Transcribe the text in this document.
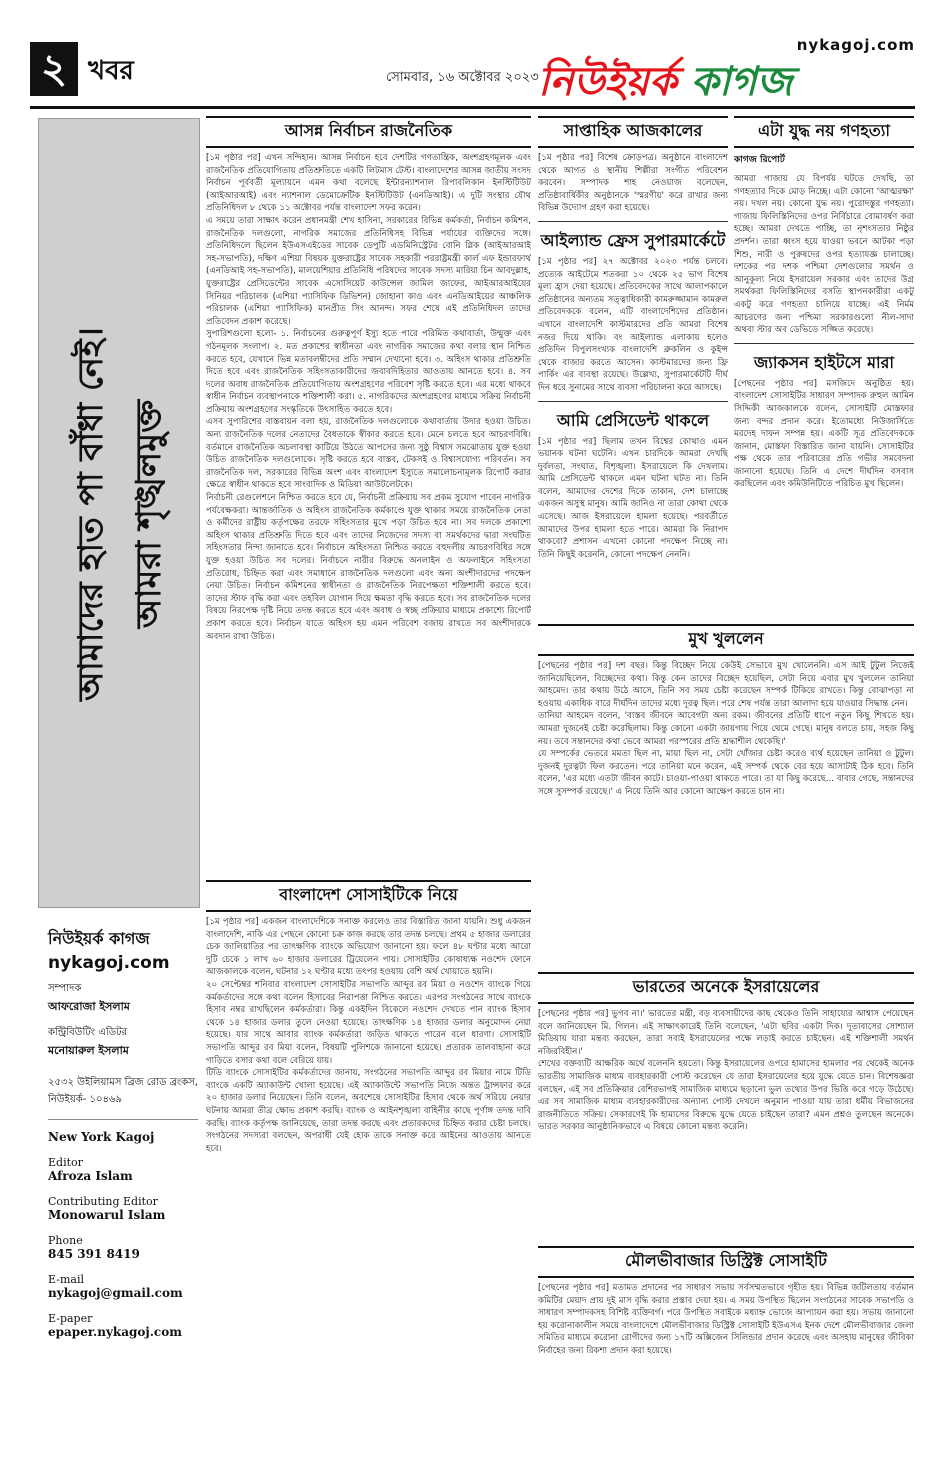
২ খবর	সোমবার, ১৬ অক্টোবর ২০২৩
nykagoj.com
নিউইয়র্ক কাগজ
আমাদের হাত পা বাঁধা নেই। আমরা শৃঙ্খলমুক্ত
নিউইয়র্ক কাগজ
nykagoj.com
সম্পাদক
আফরোজা ইসলাম
কন্ট্রিবিউটিং এডিটর
মনোয়ারুল ইসলাম
২৫৩২ উইলিয়ামস ব্রিজ রোড ব্রংকস, নিউইয়র্ক- ১০৪৬৯
New York Kagoj
Editor
Afroza Islam
Contributing Editor
Monowarul Islam
Phone
845 391 8419
E-mail
nykagoj@gmail.com
E-paper
epaper.nykagoj.com
আসন্ন নির্বাচন রাজনৈতিক

[১ম পৃষ্ঠার পর] এখন সন্দিহান। আসন্ন নির্বাচন হবে দেশটির গণতান্ত্রিক, অংশগ্রহণমূলক এবং রাজনৈতিক প্রতিযোগিতায় প্রতিশ্রুতিতে একটি লিটমাস টেস্ট। বাংলাদেশের আসন্ন জাতীয় সংসদ নির্বাচন পূর্ববর্তী মূল্যায়নে এমন কথা বলেছে ইন্টারন্যাশনাল রিপাবলিকান ইনস্টিটিউট (আইআরআই) এবং ন্যাশনাল ডেমোক্রেটিক ইনস্টিটিউট (এনডিআই)। এ দুটি সংস্থার যৌথ প্রতিনিধিদল ৮ থেকে ১১ অক্টোবর পর্যন্ত বাংলাদেশ সফর করেন।

এ সময়ে তারা সাক্ষাৎ করেন প্রধানমন্ত্রী শেখ হাসিনা, সরকারের বিভিন্ন কর্মকর্তা, নির্বাচন কমিশন, রাজনৈতিক দলগুলো, নাগরিক সমাজের প্রতিনিধিসহ বিভিন্ন পর্যায়ের ব্যক্তিদের সঙ্গে। প্রতিনিধিদলে ছিলেন ইউএসএইডের সাবেক ডেপুটি এডমিনিস্ট্রেটর বোনি গ্লিক (আইআরআই সহ-সভাপতি), দক্ষিণ এশিয়া বিষয়ক যুক্তরাষ্ট্রের সাবেক সহকারী পররাষ্ট্রমন্ত্রী কার্ল এফ ইন্ডারফার্থ (এনডিআই সহ-সভাপতি), মালয়েশিয়ার প্রতিনিধি পরিষদের সাবেক সদস্য মারিয়া চিন আবদুল্লাহ, যুক্তরাষ্ট্রের প্রেসিডেন্টের সাবেক এসোসিয়েট কাউন্সেল জামিল জাফের, আইআরআইয়ের সিনিয়র পরিচালক (এশিয়া প্যাসিফিক ডিভিশন) জোহানা কাও এবং এনডিআইয়ের আঞ্চলিক পরিচালক (এশিয়া প্যাসিফিক) মানপ্রীত সিং আনন্দ। সফর শেষে এই প্রতিনিধিদল তাদের প্রতিবেদন প্রকাশ করেছে।

সুপারিশগুলো হলো- ১. নির্বাচনের গুরুত্বপূর্ণ ইস্যু হতে পারে পরিমিত কথাবার্তা, উন্মুক্ত এবং গঠনমূলক সংলাপ। ২. মত প্রকাশের স্বাধীনতা এবং নাগরিক সমাজের কথা বলার স্থান নিশ্চিত করতে হবে, যেখানে ভিন্ন মতাবলম্বীদের প্রতি সম্মান দেখানো হবে। ৩. অহিংস থাকার প্রতিশ্রুতি দিতে হবে এবং রাজনৈতিক সহিংসতাকারীদের জবাবদিহিতার আওতায় আনতে হবে। ৪. সব দলের অবাধ রাজনৈতিক প্রতিযোগিতায় অংশগ্রহণের পরিবেশ সৃষ্টি করতে হবে। এর মধ্যে থাকবে স্বাধীন নির্বাচন ব্যবস্থাপনাকে শক্তিশালী করা। ৫. নাগরিকদের অংশগ্রহণের মাধ্যমে সক্রিয় নির্বাচনী প্রক্রিয়ায় অংশগ্রহণের সংস্কৃতিকে উৎসাহিত করতে হবে।

এসব সুপারিশের বাস্তবায়ন বলা হয়, রাজনৈতিক দলগুলোকে কথাবার্তায় উদার হওয়া উচিত। অন্য রাজনৈতিক দলের নেতাদের বৈধতাকে স্বীকার করতে হবে। মেনে চলতে হবে আচরণবিধি। বর্তমানে রাজনৈতিক অচলাবস্থা কাটিয়ে উঠতে আপসের জন্য সুষ্ঠু বিশ্বাস সমঝোতায় যুক্ত হওয়া উচিত রাজনৈতিক দলগুলোকে। সৃষ্টি করতে হবে বাস্তব, টেকসই ও বিশ্বাসযোগ্য পরিবর্তন। সব রাজনৈতিক দল, সরকারের বিভিন্ন অংশ এবং বাংলাদেশ ইস্যুতে সমালোচনামূলক রিপোর্ট করার ক্ষেত্রে স্বাধীন থাকতে হবে সাংবাদিক ও মিডিয়া আউটলেটকে।

নির্বাচনী রেগুলেশনে নিশ্চিত করতে হবে যে, নির্বাচনী প্রক্রিয়ায় সব প্রকম সুযোগ পাবেন নাগরিক পর্যবেক্ষকরা। আন্তর্জাতিক ও অহিংস রাজনৈতিক কর্মকাণ্ডে যুক্ত থাকার সময়ে রাজনৈতিক নেতা ও কর্মীদের রাষ্ট্রীয় কর্তৃপক্ষের তরফে সহিংসতার মুখে পড়া উচিত হবে না। সব দলকে প্রকাশ্যে অহিংস থাকার প্রতিশ্রুতি দিতে হবে এবং তাদের নিজেদের সদস্য বা সমর্থকদের দ্বারা সংঘটিত সহিংসতার নিন্দা জানাতে হবে। নির্বাচনে অহিংসতা নিশ্চিত করতে বহুদলীয় আচরণবিধির সঙ্গে যুক্ত হওয়া উচিত সব দলের। নির্বাচনে নারীর বিরুদ্ধে অনলাইন ও অফলাইনে সহিংসতা প্রতিরোধ, চিহ্নিত করা এবং সমাধানে রাজনৈতিক দলগুলো এবং অন্য অংশীদারদের পদক্ষেপ নেয়া উচিত। নির্বাচন কমিশনের স্বাধীনতা ও রাজনৈতিক নিরপেক্ষতা শক্তিশালী করতে হবে। তাদের স্টাফ বৃদ্ধি করা এবং তহবিল যোগান দিয়ে ক্ষমতা বৃদ্ধি করতে হবে। সব রাজনৈতিক দলের বিষয়ে নিরপেক্ষ দৃষ্টি নিয়ে তদন্ত করতে হবে এবং অবাধ ও স্বচ্ছ প্রক্রিয়ার মাধ্যমে প্রকাশ্যে রিপোর্ট প্রকাশ করতে হবে। নির্বাচন যাতে অহিংস হয় এমন পরিবেশ বজায় রাখতে সব অংশীদারকে অবদান রাখা উচিত।

বাংলাদেশ সোসাইটিকে নিয়ে

[১ম পৃষ্ঠার পর] একজন বাংলাদেশিকে সনাক্ত করলেও তার বিস্তারিত জানা যায়নি। শুধু একজন বাংলাদেশি, নাকি এর পেছনে কোনো চক্র কাজ করছে তার তদন্ত চলছে। প্রথম ৫ হাজার ডলারের চেক জালিয়াতির পর তাৎক্ষণিক ব্যাংকে অভিযোগ জানানো হয়। ফলে ৪৮ ঘণ্টার মধ্যে আরো দুটি চেকে ১ লাখ ৬০ হাজার ডলারের ট্রিয়েলেন পায়। সোসাইটির কোষাধ্যক্ষ নওশেদ ফোনে আজকালকে বলেন, ঘটনার ১২ ঘণ্টার মধ্যে তৎপর হওয়ায় বেশি অর্থ খোয়াতে হয়নি।

২০ সেপ্টেম্বর শনিবার বাংলাদেশ সোসাইটির সভাপতি আব্দুর রব মিয়া ও নওশেদ ব্যাংকে গিয়ে কর্মকর্তাদের সঙ্গে কথা বলেন হিসাবের নিরাপত্তা নিশ্চিত করতে। এরপর সংগঠনের সাথে ব্যাংকে হিসাব নম্বর রাখছিলেন কর্মকর্তারা। কিন্তু একইদিন বিকেলে নওশেদ দেখতে পান ব্যাংক হিসাব থেকে ১৪ হাজার ডলার তুলে নেওয়া হয়েছে। তাৎক্ষণিক ১৪ হাজার ডলার অনুমোদন নেয়া হয়েছে। যার সাথে আবার ব্যাংক কর্মকর্তারা জড়িত থাকতে পারেন বলে ধারণা। সোসাইটি সভাপতি আব্দুর রব মিয়া বলেন, বিষয়টি পুলিশকে জানানো হয়েছে। প্রতারক তালবাহানা করে গাড়িতে বসার কথা বলে বেরিয়ে যায়।

টিডি ব্যাংকে সোসাইটির কর্মকর্তাদের জানায়, সংগঠনের সভাপতি আব্দুর রব মিয়ার নামে টিডি ব্যাংকে একটি অ্যাকাউন্ট খোলা হয়েছে। এই অ্যাকাউন্টে সভাপতি নিজে অন্তত ট্রান্সফার করে ২০ হাজার ডলার নিয়েছেন। তিনি বলেন, অবশেষে সোসাইটির হিসাব থেকে অর্থ সরিয়ে নেয়ার ঘটনায় আমরা তীব্র ক্ষোভ প্রকাশ করছি। ব্যাংক ও আইনশৃঙ্খলা বাহিনীর কাছে পূর্ণাঙ্গ তদন্ত দাবি করছি। ব্যাংক কর্তৃপক্ষ জানিয়েছে, তারা তদন্ত করছে এবং প্রতারকদের চিহ্নিত করার চেষ্টা চলছে। সংগঠনের সদস্যরা বলছেন, অপরাধী যেই হোক তাকে সনাক্ত করে আইনের আওতায় আনতে হবে।

সাপ্তাহিক আজকালের
[১ম পৃষ্ঠার পর] বিশেষ ক্রোড়পত্র। অনুষ্ঠানে বাংলাদেশ থেকে আগত ও স্থানীয় শিল্পীরা সংগীত পরিবেশন করবেন। সম্পাদক শাহ নেওয়াজ বলেছেন, প্রতিষ্ঠাবার্ষিকীর অনুষ্ঠানকে 'স্মরণীয়' করে রাখার জন্য বিভিন্ন উদ্যোগ গ্রহণ করা হয়েছে।
আইল্যান্ড ফ্রেস সুপারমার্কেটে
[১ম পৃষ্ঠার পর] ২৭ অক্টোবর ২০২৩ পর্যন্ত চলবে। প্রত্যেক আইটেমে শতকরা ১০ থেকে ২৫ ভাগ বিশেষ মূল্য হ্রাস দেয়া হয়েছে। প্রতিবেদকের সাথে আলাপকালে প্রতিষ্ঠানের অন্যতম সত্ত্বাধিকারী কামরুজ্জামান কামরুল প্রতিবেদককে বলেন, এটি বাংলাদেশিদের প্রতিষ্ঠান। এখানে বাংলাদেশি কাস্টমারদের প্রতি আমরা বিশেষ নজর দিয়ে থাকি। বং আইল্যান্ড এলাকায় হলেও প্রতিদিন বিপুলসংখ্যক বাংলাদেশি ব্রুকলিন ও কুইন্স থেকে বাজার করতে আসেন। কাস্টমারদের জন্য ফ্রি পার্কিং এর ব্যবস্থা রয়েছে। উল্লেখ্য, সুপারমার্কেটটি দীর্ঘ দিন ধরে সুনামের সাথে ব্যবসা পরিচালনা করে আসছে।
আমি প্রেসিডেন্ট থাকলে
[১ম পৃষ্ঠার পর] ছিলাম তখন বিশ্বের কোথাও এমন ভয়ানক ঘটনা ঘটেনি। এখন চারদিকে আমরা দেখছি দুর্বলতা, সংঘাত, বিশৃঙ্খলা। ইসরায়েলে কি দেখলাম। আমি প্রেসিডেন্ট থাকলে এমন ঘটনা ঘটত না। তিনি বলেন, আমাদের দেশের দিকে তাকান, দেশ চালাচ্ছে একজন অসুস্থ মানুষ। আমি জানিও না তারা কোথা থেকে এসেছে। আজ ইসরায়েলে হামলা হয়েছে। পরবর্তীতে আমাদের উপর হামলা হতে পারে। আমরা কি নিরাপদ থাকবো? প্রশাসন এখনো কোনো পদক্ষেপ নিচ্ছে না। তিনি কিছুই করেননি, কোনো পদক্ষেপ নেননি।
এটা যুদ্ধ নয় গণহত্যা
কাগজ রিপোর্ট
আমরা গাজায় যে বিপর্যয় ঘটতে দেখছি, তা গণহত্যার দিকে মোড় নিচ্ছে। এটা কোনো 'আত্মরক্ষা' নয়। দখল নয়। কোনো যুদ্ধ নয়। পুরোদস্তুর গণহত্যা। গাজায় ফিলিস্তিনিদের ওপর নির্বিচারে বোমাবর্ষণ করা হচ্ছে। আমরা দেখতে পাচ্ছি, তা নৃশংসতার নিষ্ঠুর প্রদর্শন। তারা ধ্বংস হয়ে যাওয়া ভবনে আটকা পড়া শিশু, নারী ও পুরুষদের ওপর হত্যাযজ্ঞ চালাচ্ছে। দশকের পর দশক পশ্চিমা দেশগুলোর সমর্থন ও আনুকূল্য নিয়ে ইসরায়েল সরকার এবং তাদের উগ্র সমর্থকরা ফিলিস্তিনিদের বসতি স্থাপনকারীরা একটু একটু করে গণহত্যা চালিয়ে যাচ্ছে। এই নির্মম আচরণের জন্য পশ্চিমা সরকারগুলো নীল-সাদা অথবা স্টার অব ডেভিডে সজ্জিত করেছে।
জ্যাকসন হাইটসে মারা
[পেছনের পৃষ্ঠার পর] মসজিদে অনুষ্ঠিত হয়। বাংলাদেশ সোসাইটির সাধারণ সম্পাদক রুহুল আমিন সিদ্দিকী আজকালকে বলেন, সোসাইটি মোস্তফার জন্য বন্দর প্রদান করে। ইতোমধ্যে নিউজার্সিতে মরদেহ দাফন সম্পন্ন হয়। একটি সূত্র প্রতিবেদককে জানান, মোস্তফা বিস্তারিত জানা যায়নি। সোসাইটির পক্ষ থেকে তার পরিবারের প্রতি গভীর সমবেদনা জানানো হয়েছে। তিনি এ দেশে দীর্ঘদিন বসবাস করছিলেন এবং কমিউনিটিতে পরিচিত মুখ ছিলেন।
মুখ খুললেন

[পেছনের পৃষ্ঠার পর] দশ বছর। কিন্তু বিচ্ছেদ নিয়ে কেউই সেভাবে মুখ খোলেননি। এস আই টুটুল নিজেই জানিয়েছিলেন, বিচ্ছেদের কথা। কিন্তু কেন তাদের বিচ্ছেদ হয়েছিল, সেটা নিয়ে এবার মুখ খুললেন তানিয়া আহমেদ। তার কথায় উঠে আসে, তিনি সব সময় চেষ্টা করেছেন সম্পর্ক টিকিয়ে রাখতে। কিন্তু বোঝাপড়া না হওয়ায় একাধিক বারে দীর্ঘদিন তাদের মধ্যে দূরত্ব ছিল। পরে শেষ পর্যন্ত তারা আলাদা হয়ে যাওয়ার সিদ্ধান্ত নেন।

তানিয়া আহমেদ বলেন, 'বাস্তব জীবনে আবেগটা অন্য রকম। জীবনের প্রতিটি ধাপে নতুন কিছু শিখতে হয়। আমরা দুজনেই চেষ্টা করেছিলাম। কিন্তু কোনো একটা জায়গায় গিয়ে থেমে গেছে। মানুষ বলতে চায়, সহজ কিছু নয়। তবে সন্তানদের কথা ভেবে আমরা পরস্পরের প্রতি শ্রদ্ধাশীল থেকেছি।'

যে সম্পর্কের ভেতরে মমতা ছিল না, মায়া ছিল না, সেটা খোঁজার চেষ্টা করেও ব্যর্থ হয়েছেন তানিয়া ও টুটুল। দুজনই দুরত্বটা ফিল করতেন। পরে তানিয়া মনে করেন, এই সম্পর্ক থেকে বের হয়ে আসাটাই ঠিক হবে। তিনি বলেন, 'এর মধ্যে এতটা জীবন কাটে। চাওয়া-পাওয়া থাকতে পারে। তা যা কিছু করেছে... বাবার গেছে, সন্তানদের সঙ্গে সুসম্পর্ক রয়েছে।' এ নিয়ে তিনি আর কোনো আক্ষেপ করতে চান না।

ভারতের অনেকে ইসরায়েলের

[পেছনের পৃষ্ঠার পর] ভুগব না।' ভারতের মন্ত্রী, বড় ব্যবসায়ীদের কাছ থেকেও তিনি সাহায্যের আশ্বাস পেয়েছেন বলে জানিয়েছেন মি. গিলন। এই সাক্ষাৎকারেই তিনি বলেছেন, 'এটা ছবির একটা দিক। দূতাবাসের সোশ্যাল মিডিয়ায় যারা মন্তব্য করছেন, তারা সবাই ইসরায়েলের পক্ষে লড়াই করতে চাইছেন। এই শক্তিশালী সমর্থন নজিরবিহীন।'

শেখের বক্তব্যটি আক্ষরিক অর্থে বলেননি হয়তো। কিন্তু ইসরায়েলের ওপরে হামাসের হামলার পর থেকেই অনেক ভারতীয় সামাজিক মাধ্যম ব্যবহারকারী পোস্ট করেছেন যে তারা ইসরায়েলের হয়ে যুদ্ধে যেতে চান। বিশেষজ্ঞরা বলছেন, এই সব প্রতিক্রিয়ার বেশিরভাগই সামাজিক মাধ্যমে ছড়ানো ভুল তথ্যের উপর ভিত্তি করে গড়ে উঠেছে। এর সব সামাজিক মাধ্যম ব্যবহারকারীদের অন্যান্য পোস্ট দেখলে অনুমান পাওয়া যায় তারা ধর্মীয় বিভাজনের রাজনীতিতে সক্রিয়। সেকারণেই কি হামাসের বিরুদ্ধে যুদ্ধে যেতে চাইছেন তারা? এমন প্রশ্নও তুলছেন অনেকে। ভারত সরকার আনুষ্ঠানিকভাবে এ বিষয়ে কোনো মন্তব্য করেনি।

মৌলভীবাজার ডিস্ট্রিক্ট সোসাইটি
[পেছনের পৃষ্ঠার পর] মতামত প্রদানের পর সাধারণ সভায় সর্বসম্মতভাবে গৃহীত হয়। বিভিন্ন জটিলতায় বর্তমান কমিটির মেয়াদ প্রায় দুই মাস বৃদ্ধি করার প্রস্তাব দেয়া হয়। এ সময় উপস্থিত ছিলেন সংগঠনের সাবেক সভাপতি ও সাধারণ সম্পাদকসহ বিশিষ্ট ব্যক্তিবর্গ। পরে উপস্থিত সবাইকে মধ্যাহ্ন ভোজে আপ্যায়ন করা হয়। সভায় জানানো হয় করোনাকালীন সময়ে বাংলাদেশে মৌলভীবাজার ডিস্ট্রিক্ট সোসাইটি ইউএসএ ইনক দেশে মৌলভীবাজার জেলা সমিতির মাধ্যমে করোনা রোগীদের জন্য ১৭টি অক্সিজেন সিলিন্ডার প্রদান করেছে এবং অসহায় মানুষের জীবিকা নির্বাহের জন্য রিকশা প্রদান করা হয়েছে।
